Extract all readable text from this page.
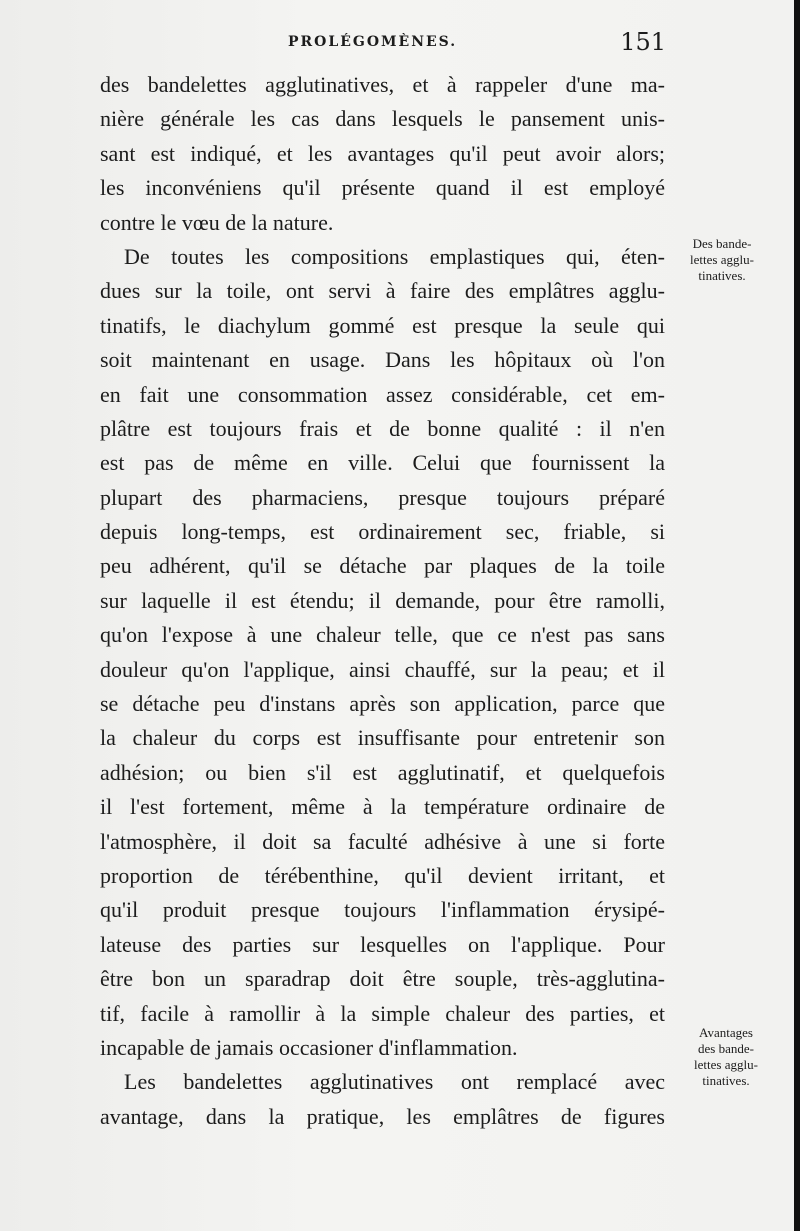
PROLÉGOMÈNES.	151
des bandelettes agglutinatives, et à rappeler d'une ma-
nière générale les cas dans lesquels le pansement unis-
sant est indiqué, et les avantages qu'il peut avoir alors;
les inconvéniens qu'il présente quand il est employé
contre le vœu de la nature.
De toutes les compositions emplastiques qui, éten-
dues sur la toile, ont servi à faire des emplâtres agglu-
tinatifs, le diachylum gommé est presque la seule qui
soit maintenant en usage. Dans les hôpitaux où l'on
en fait une consommation assez considérable, cet em-
plâtre est toujours frais et de bonne qualité : il n'en
est pas de même en ville. Celui que fournissent la
plupart des pharmaciens, presque toujours préparé
depuis long-temps, est ordinairement sec, friable, si
peu adhérent, qu'il se détache par plaques de la toile
sur laquelle il est étendu; il demande, pour être ramolli,
qu'on l'expose à une chaleur telle, que ce n'est pas sans
douleur qu'on l'applique, ainsi chauffé, sur la peau; et il
se détache peu d'instans après son application, parce que
la chaleur du corps est insuffisante pour entretenir son
adhésion; ou bien s'il est agglutinatif, et quelquefois
il l'est fortement, même à la température ordinaire de
l'atmosphère, il doit sa faculté adhésive à une si forte
proportion de térébenthine, qu'il devient irritant, et
qu'il produit presque toujours l'inflammation érysipé-
lateuse des parties sur lesquelles on l'applique. Pour
être bon un sparadrap doit être souple, très-agglutina-
tif, facile à ramollir à la simple chaleur des parties, et
incapable de jamais occasioner d'inflammation.
Les bandelettes agglutinatives ont remplacé avec
avantage, dans la pratique, les emplâtres de figures
Des bande-
lettes agglu-
tinatives.
Avantages
des bande-
lettes agglu-
tinatives.
